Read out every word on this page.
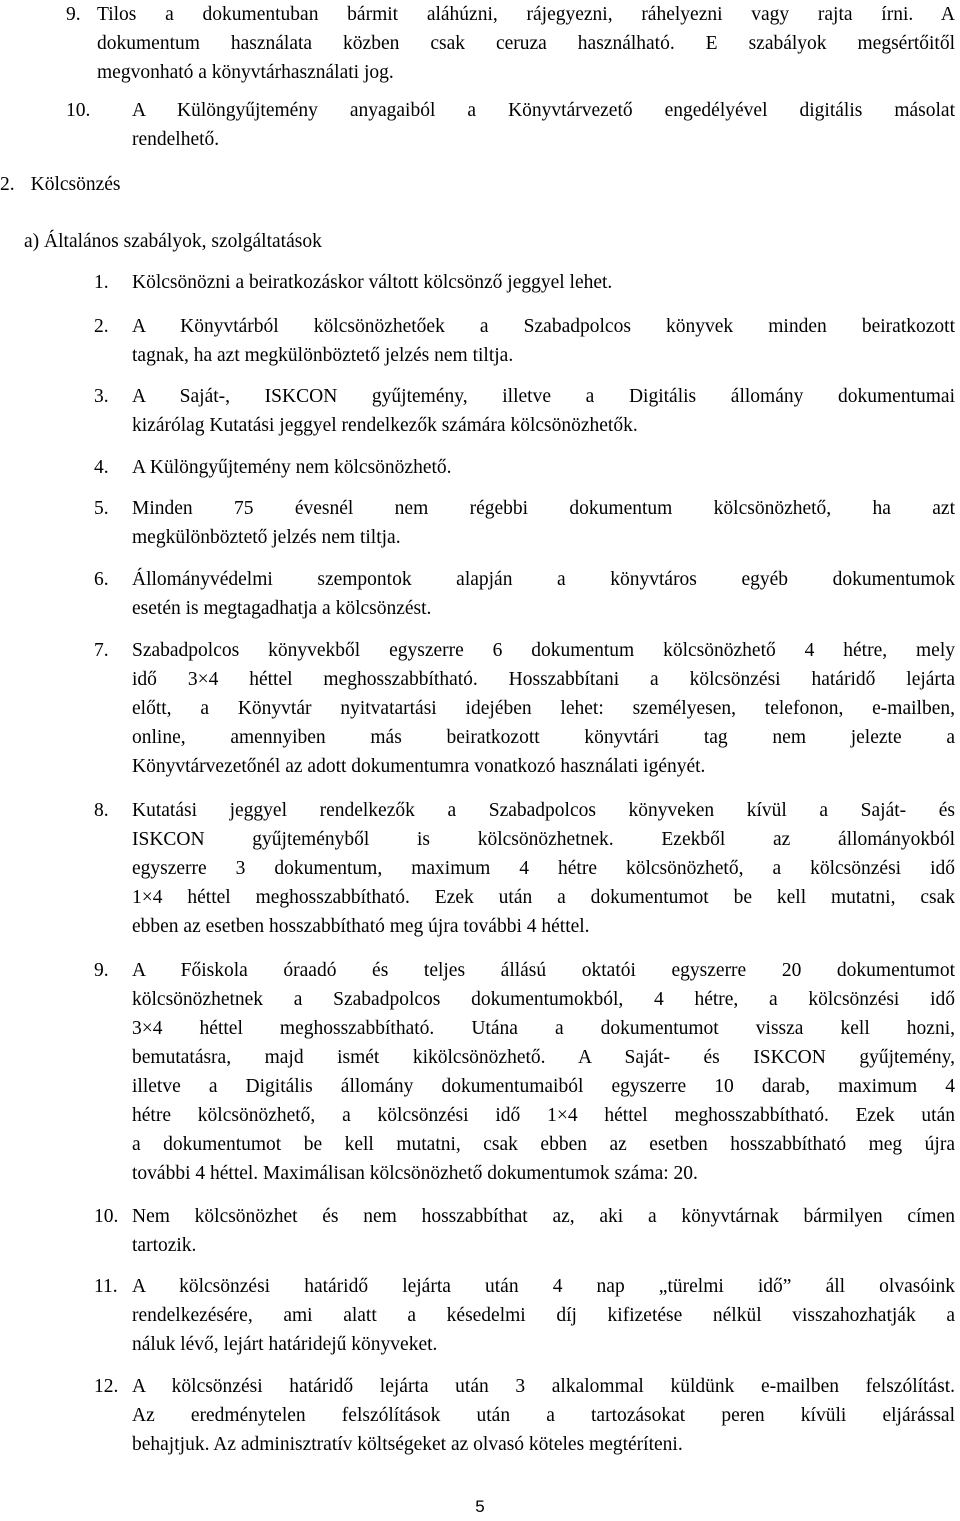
9. Tilos a dokumentuban bármit aláhúzni, rájegyezni, ráhelyezni vagy rajta írni. A
dokumentum használata közben csak ceruza használható. E szabályok megsértőitől
megvonható a könyvtárhasználati jog.
10. A Különgyűjtemény anyagaiból a Könyvtárvezető engedélyével digitális másolat
rendelhető.
2. Kölcsönzés
a) Általános szabályok, szolgáltatások
1. Kölcsönözni a beiratkozáskor váltott kölcsönző jeggyel lehet.
2. A Könyvtárból kölcsönözhetőek a Szabadpolcos könyvek minden beiratkozott
tagnak, ha azt megkülönböztető jelzés nem tiltja.
3. A Saját-, ISKCON gyűjtemény, illetve a Digitális állomány dokumentumai
kizárólag Kutatási jeggyel rendelkezők számára kölcsönözhetők.
4. A Különgyűjtemény nem kölcsönözhető.
5. Minden 75 évesnél nem régebbi dokumentum kölcsönözhető, ha azt
megkülönböztető jelzés nem tiltja.
6. Állományvédelmi szempontok alapján a könyvtáros egyéb dokumentumok
esetén is megtagadhatja a kölcsönzést.
7. Szabadpolcos könyvekből egyszerre 6 dokumentum kölcsönözhető 4 hétre, mely
idő 3×4 héttel meghosszabbítható. Hosszabbítani a kölcsönzési határidő lejárta
előtt, a Könyvtár nyitvatartási idejében lehet: személyesen, telefonon, e-mailben,
online, amennyiben más beiratkozott könyvtári tag nem jelezte a
Könyvtárvezetőnél az adott dokumentumra vonatkozó használati igényét.
8. Kutatási jeggyel rendelkezők a Szabadpolcos könyveken kívül a Saját- és
ISKCON gyűjteményből is kölcsönözhetnek. Ezekből az állományokból
egyszerre 3 dokumentum, maximum 4 hétre kölcsönözhető, a kölcsönzési idő
1×4 héttel meghosszabbítható. Ezek után a dokumentumot be kell mutatni, csak
ebben az esetben hosszabbítható meg újra további 4 héttel.
9. A Főiskola óraadó és teljes állású oktatói egyszerre 20 dokumentumot
kölcsönözhetnek a Szabadpolcos dokumentumokból, 4 hétre, a kölcsönzési idő
3×4 héttel meghosszabbítható. Utána a dokumentumot vissza kell hozni,
bemutatásra, majd ismét kikölcsönözhető. A Saját- és ISKCON gyűjtemény,
illetve a Digitális állomány dokumentumaiból egyszerre 10 darab, maximum 4
hétre kölcsönözhető, a kölcsönzési idő 1×4 héttel meghosszabbítható. Ezek után
a dokumentumot be kell mutatni, csak ebben az esetben hosszabbítható meg újra
további 4 héttel. Maximálisan kölcsönözhető dokumentumok száma: 20.
10. Nem kölcsönözhet és nem hosszabbíthat az, aki a könyvtárnak bármilyen címen
tartozik.
11. A kölcsönzési határidő lejárta után 4 nap „türelmi idő” áll olvasóink
rendelkezésére, ami alatt a késedelmi díj kifizetése nélkül visszahozhatják a
náluk lévő, lejárt határidejű könyveket.
12. A kölcsönzési határidő lejárta után 3 alkalommal küldünk e-mailben felszólítást.
Az eredménytelen felszólítások után a tartozásokat peren kívüli eljárással
behajtjuk. Az adminisztratív költségeket az olvasó köteles megtéríteni.
5
